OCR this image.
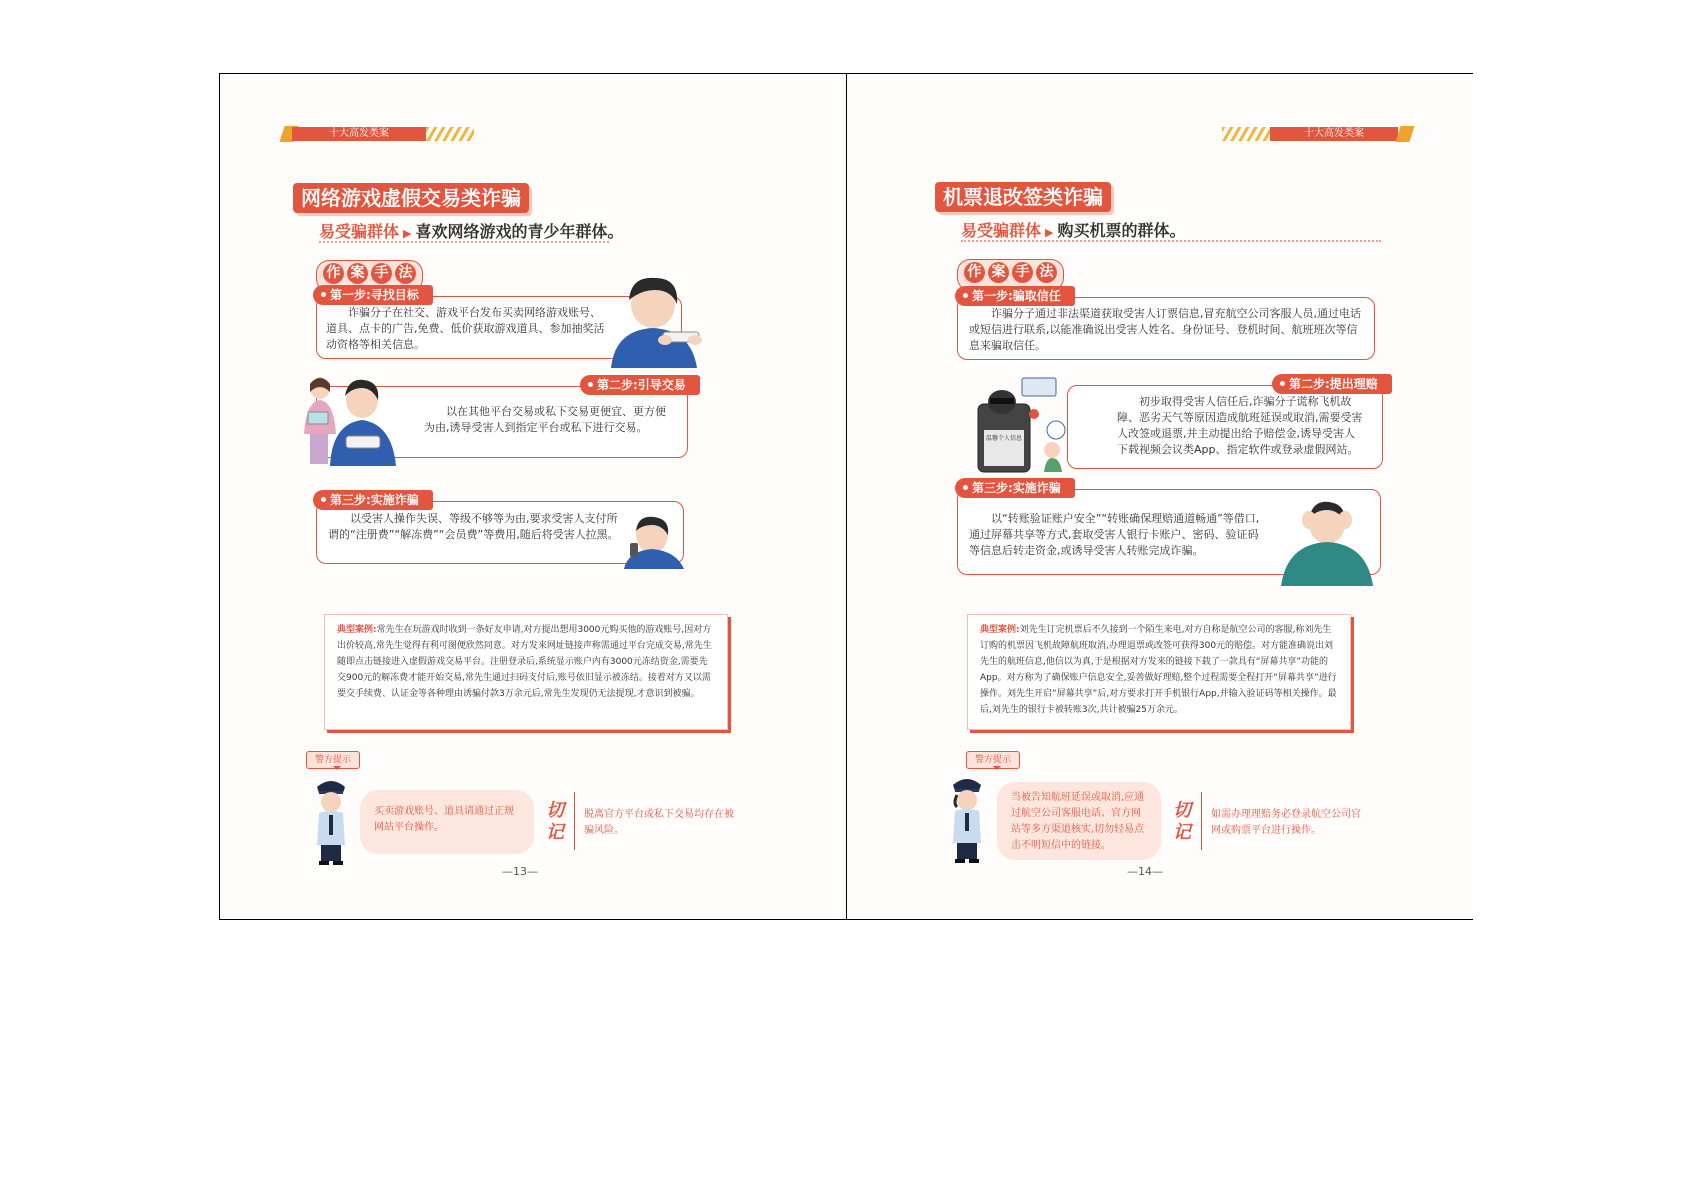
十大高发类案
网络游戏虚假交易类诈骗
易受骗群体 ▶ 喜欢网络游戏的青少年群体。
作 案 手 法
第一步:寻找目标
诈骗分子在社交、游戏平台发布买卖网络游戏账号、道具、点卡的广告,免费、低价获取游戏道具、参加抽奖活动资格等相关信息。
第二步:引导交易
以在其他平台交易或私下交易更便宜、更方便为由,诱导受害人到指定平台或私下进行交易。
第三步:实施诈骗
以受害人操作失误、等级不够等为由,要求受害人支付所谓的“注册费”“解冻费”“会员费”等费用,随后将受害人拉黑。
典型案例:常先生在玩游戏时收到一条好友申请,对方提出想用3000元购买他的游戏账号,因对方出价较高,常先生觉得有利可图便欣然同意。对方发来网址链接声称需通过平台完成交易,常先生随即点击链接进入虚假游戏交易平台。注册登录后,系统显示账户内有3000元冻结资金,需要先交900元的解冻费才能开始交易,常先生通过扫码支付后,账号依旧显示被冻结。接着对方又以需要交手续费、认证金等各种理由诱骗付款3万余元后,常先生发现仍无法提现,才意识到被骗。
警方提示
买卖游戏账号、道具请通过正规网站平台操作。
切
记
脱离官方平台或私下交易均存在被骗风险。
—13—
十大高发类案
机票退改签类诈骗
易受骗群体 ▶ 购买机票的群体。
作 案 手 法
第一步:骗取信任
诈骗分子通过非法渠道获取受害人订票信息,冒充航空公司客服人员,通过电话或短信进行联系,以能准确说出受害人姓名、身份证号、登机时间、航班班次等信息来骗取信任。
第二步:提出理赔
初步取得受害人信任后,诈骗分子谎称飞机故障、恶劣天气等原因造成航班延误或取消,需要受害人改签或退票,并主动提出给予赔偿金,诱导受害人下载视频会议类App、指定软件或登录虚假网站。
温馨个人信息
第三步:实施诈骗
以“转账验证账户安全”“转账确保理赔通道畅通”等借口,通过屏幕共享等方式,套取受害人银行卡账户、密码、验证码等信息后转走资金,或诱导受害人转账完成诈骗。
典型案例:刘先生订完机票后不久接到一个陌生来电,对方自称是航空公司的客服,称刘先生订购的机票因飞机故障航班取消,办理退票或改签可获得300元的赔偿。对方能准确说出刘先生的航班信息,他信以为真,于是根据对方发来的链接下载了一款具有“屏幕共享”功能的App。对方称为了确保账户信息安全,妥善做好理赔,整个过程需要全程打开“屏幕共享”进行操作。刘先生开启“屏幕共享”后,对方要求打开手机银行App,并输入验证码等相关操作。最后,刘先生的银行卡被转账3次,共计被骗25万余元。
警方提示
当被告知航班延误或取消,应通过航空公司客服电话、官方网站等多方渠道核实,切勿轻易点击不明短信中的链接。
切
记
如需办理理赔务必登录航空公司官网或购票平台进行操作。
—14—
